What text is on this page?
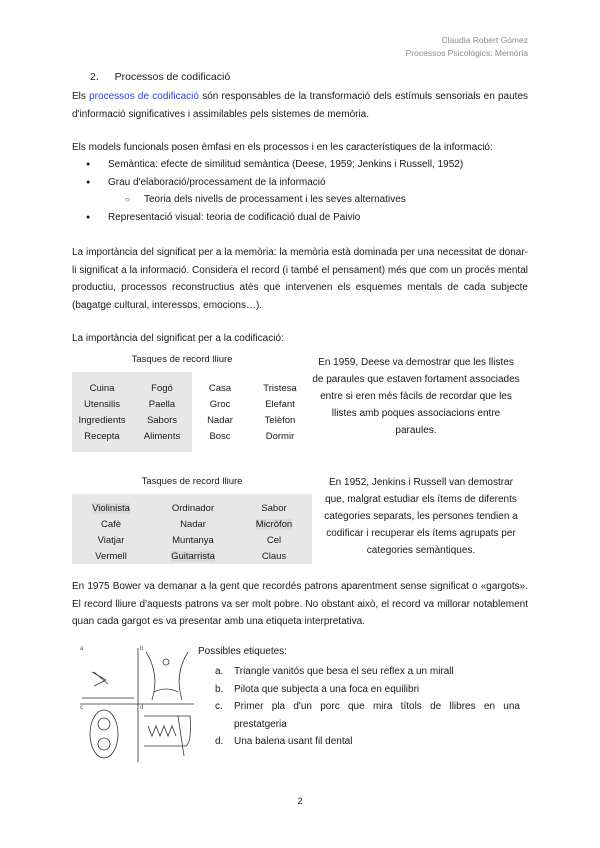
Claudia Robert Gómez
Processos Psicològics: Memòria
2. Processos de codificació
Els processos de codificació són responsables de la transformació dels estímuls sensorials en pautes d'informació significatives i assimilables pels sistemes de memòria.
Els models funcionals posen èmfasi en els processos i en les característiques de la informació:
● Semàntica: efecte de similitud semàntica (Deese, 1959; Jenkins i Russell, 1952)
● Grau d'elaboració/processament de la informació
○ Teoria dels nivells de processament i les seves alternatives
● Representació visual: teoria de codificació dual de Paivio
La importància del significat per a la memòria: la memòria està dominada per una necessitat de donar-li significat a la informació. Considera el record (i també el pensament) més que com un procés mental productiu, processos reconstructius atès que intervenen els esquemes mentals de cada subjecte (bagatge cultural, interessos, emocions…).
La importància del significat per a la codificació:
Tasques de record lliure
Cuina	Fogó	Casa	Tristesa
Utensilis	Paella	Groc	Elefant
Ingredients	Sabors	Nadar	Telèfon
Recepta	Aliments	Bosc	Dormir
En 1959, Deese va demostrar que les llistes de paraules que estaven fortament associades entre si eren més fàcils de recordar que les llistes amb poques associacions entre paraules.
Tasques de record lliure
Violinista	Ordinador	Sabor
Cafè	Nadar	Micròfon
Viatjar	Muntanya	Cel
Vermell	Guitarrista	Claus
En 1952, Jenkins i Russell van demostrar que, malgrat estudiar els ítems de diferents categories separats, les persones tendien a codificar i recuperar els ítems agrupats per categories semàntiques.
En 1975 Bower va demanar a la gent que recordés patrons aparentment sense significat o «gargots». El record lliure d'aquests patrons va ser molt pobre. No obstant això, el record va millorar notablement quan cada gargot es va presentar amb una etiqueta interpretativa.
a	b
c	d
Possibles etiquetes:
a. Triangle vanitós que besa el seu reflex a un mirall
b. Pilota que subjecta a una foca en equilibri
c. Primer pla d'un porc que mira títols de llibres en una prestatgeria
d. Una balena usant fil dental
2
